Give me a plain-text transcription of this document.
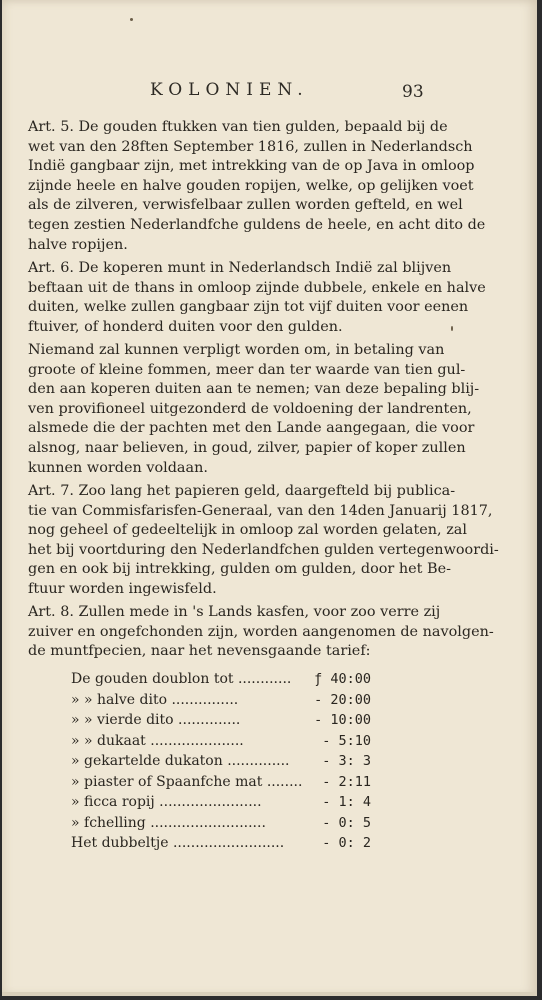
KOLONIEN.	93
Art. 5. De gouden ftukken van tien gulden, bepaald bij de
wet van den 28ften September 1816, zullen in Nederlandsch
Indië gangbaar zijn, met intrekking van de op Java in omloop
zijnde heele en halve gouden ropijen, welke, op gelijken voet
als de zilveren, verwisfelbaar zullen worden gefteld, en wel
tegen zestien Nederlandfche guldens de heele, en acht dito de
halve ropijen.
Art. 6. De koperen munt in Nederlandsch Indië zal blijven
beftaan uit de thans in omloop zijnde dubbele, enkele en halve
duiten, welke zullen gangbaar zijn tot vijf duiten voor eenen
ftuiver, of honderd duiten voor den gulden.
Niemand zal kunnen verpligt worden om, in betaling van
groote of kleine fommen, meer dan ter waarde van tien gul-
den aan koperen duiten aan te nemen; van deze bepaling blij-
ven provifioneel uitgezonderd de voldoening der landrenten,
alsmede die der pachten met den Lande aangegaan, die voor
alsnog, naar believen, in goud, zilver, papier of koper zullen
kunnen worden voldaan.
Art. 7. Zoo lang het papieren geld, daargefteld bij publica-
tie van Commisfarisfen-Generaal, van den 14den Januarij 1817,
nog geheel of gedeeltelijk in omloop zal worden gelaten, zal
het bij voortduring den Nederlandfchen gulden vertegenwoordi-
gen en ook bij intrekking, gulden om gulden, door het Be-
ftuur worden ingewisfeld.
Art. 8. Zullen mede in 's Lands kasfen, voor zoo verre zij
zuiver en ongefchonden zijn, worden aangenomen de navolgen-
de muntfpecien, naar het nevensgaande tarief:
De gouden doublon tot ............ ƒ 40:00
» » halve dito ...............	- 20:00
» » vierde dito ..............	- 10:00
» » dukaat .....................	- 5:10
» gekartelde dukaton .............. - 3: 3
» piaster of Spaanfche mat ........ - 2:11
» ficca ropij .......................	- 1: 4
» fchelling ..........................	- 0: 5
Het dubbeltje .........................	- 0: 2
